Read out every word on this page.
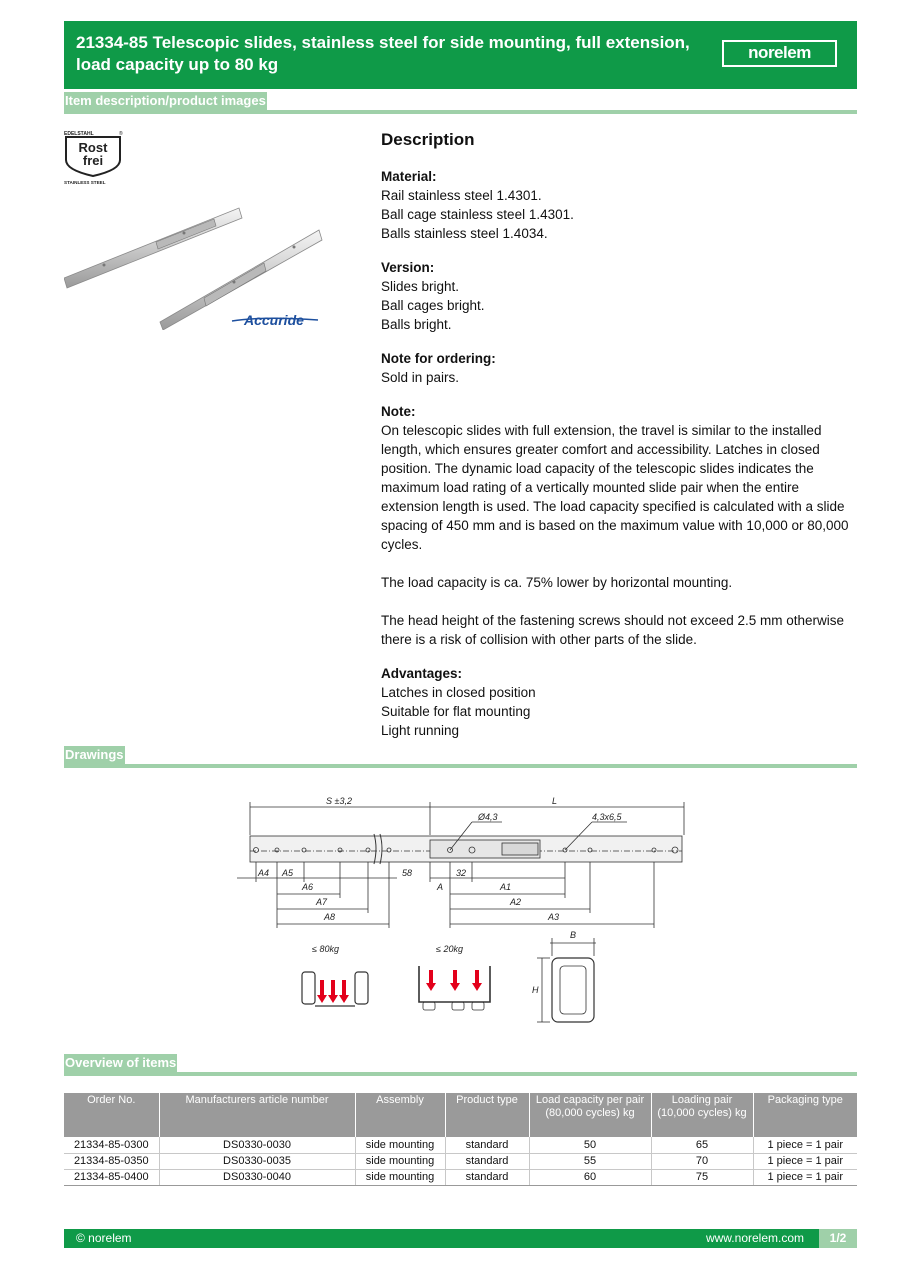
21334-85 Telescopic slides, stainless steel for side mounting, full extension, load capacity up to 80 kg
norelem
Item description/product images
EDELSTAHL	®
Rost
frei
STAINLESS STEEL
Accuride
Description
Material:

Rail stainless steel 1.4301.

Ball cage stainless steel 1.4301.

Balls stainless steel 1.4034.

Version:

Slides bright.

Ball cages bright.

Balls bright.

Note for ordering:

Sold in pairs.

Note:

On telescopic slides with full extension, the travel is similar to the installed length, which ensures greater comfort and accessibility. Latches in closed position. The dynamic load capacity of the telescopic slides indicates the maximum load rating of a vertically mounted slide pair when the entire extension length is used. The load capacity specified is calculated with a slide spacing of 450 mm and is based on the maximum value with 10,000 or 80,000 cycles.

The load capacity is ca. 75% lower by horizontal mounting.

The head height of the fastening screws should not exceed 2.5 mm otherwise there is a risk of collision with other parts of the slide.

Advantages:

Latches in closed position

Suitable for flat mounting

Light running

Drawings
S ±3,2	L
Ø4,3	4,3x6,5
A4 A5	58
A
32
A1
A6
A2
A7
A8	A3
≤ 80kg	≤ 20kg
B
H
Overview of items
Order No.	Manufacturers article number	Assembly	Product type	Load capacity per pair (80,000 cycles) kg	Loading pair (10,000 cycles) kg	Packaging type
21334-85-0300	DS0330-0030	side mounting	standard	50	65	1 piece = 1 pair
21334-85-0350	DS0330-0035	side mounting	standard	55	70	1 piece = 1 pair
21334-85-0400	DS0330-0040	side mounting	standard	60	75	1 piece = 1 pair
© norelem	www.norelem.com	1/2
